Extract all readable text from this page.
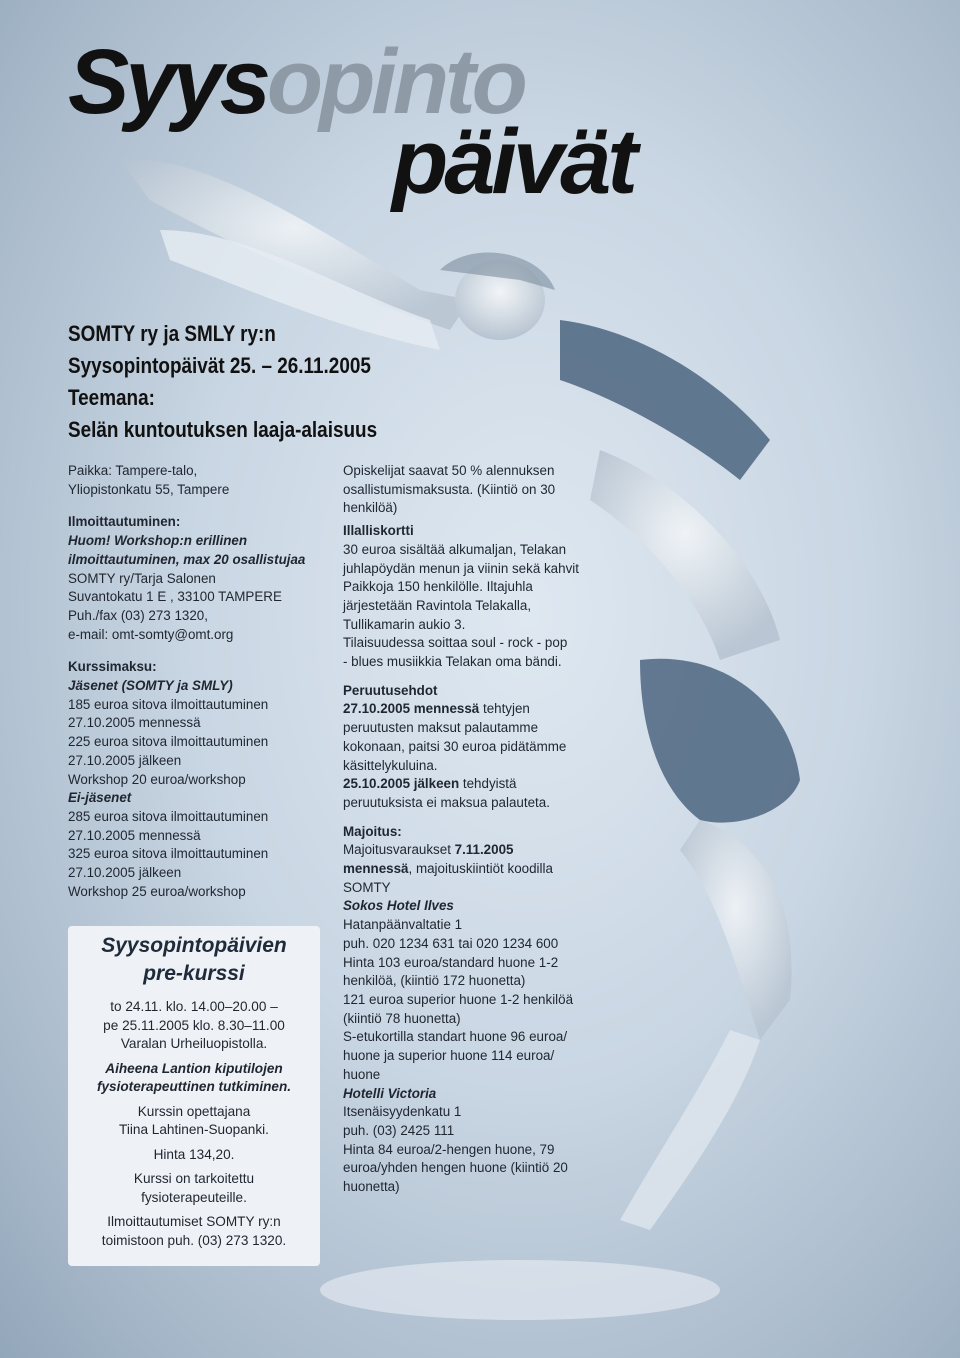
Syysopinto
päivät
SOMTY ry ja SMLY ry:n
Syysopintopäivät 25. – 26.11.2005
Teemana:
Selän kuntoutuksen laaja-alaisuus
Paikka: Tampere-talo,
Yliopistonkatu 55, Tampere
Ilmoittautuminen:
Huom! Workshop:n erillinen
ilmoittautuminen, max 20 osallistujaa
SOMTY ry/Tarja Salonen
Suvantokatu 1 E , 33100 TAMPERE
Puh./fax (03) 273 1320,
e-mail: omt-somty@omt.org
Kurssimaksu:
Jäsenet (SOMTY ja SMLY)
185 euroa sitova ilmoittautuminen
27.10.2005 mennessä
225 euroa sitova ilmoittautuminen
27.10.2005 jälkeen
Workshop 20 euroa/workshop
Ei-jäsenet
285 euroa sitova ilmoittautuminen
27.10.2005 mennessä
325 euroa sitova ilmoittautuminen
27.10.2005 jälkeen
Workshop 25 euroa/workshop
Opiskelijat saavat 50 % alennuksen
osallistumismaksusta. (Kiintiö on 30
henkilöä)
Illalliskortti
30 euroa sisältää alkumaljan, Telakan
juhlapöydän menun ja viinin sekä kahvit
Paikkoja 150 henkilölle. Iltajuhla
järjestetään Ravintola Telakalla,
Tullikamarin aukio 3.
Tilaisuudessa soittaa soul - rock - pop
- blues musiikkia Telakan oma bändi.
Peruutusehdot
27.10.2005 mennessä tehtyjen
peruutusten maksut palautamme
kokonaan, paitsi 30 euroa pidätämme
käsittelykuluina.
25.10.2005 jälkeen tehdyistä
peruutuksista ei maksua palauteta.
Majoitus:
Majoitusvaraukset 7.11.2005
mennessä, majoituskiintiöt koodilla
SOMTY
Sokos Hotel Ilves
Hatanpäänvaltatie 1
puh. 020 1234 631 tai 020 1234 600
Hinta 103 euroa/standard huone 1-2
henkilöä, (kiintiö 172 huonetta)
121 euroa superior huone 1-2 henkilöä
(kiintiö 78 huonetta)
S-etukortilla standart huone 96 euroa/
huone ja superior huone 114 euroa/
huone
Hotelli Victoria
Itsenäisyydenkatu 1
puh. (03) 2425 111
Hinta 84 euroa/2-hengen huone, 79
euroa/yhden hengen huone (kiintiö 20
huonetta)
Syysopintopäivien
pre-kurssi
to 24.11. klo. 14.00–20.00 –
pe 25.11.2005 klo. 8.30–11.00
Varalan Urheiluopistolla.
Aiheena Lantion kiputilojen
fysioterapeuttinen tutkiminen.
Kurssin opettajana
Tiina Lahtinen-Suopanki.
Hinta 134,20.
Kurssi on tarkoitettu
fysioterapeuteille.
Ilmoittautumiset SOMTY ry:n
toimistoon puh. (03) 273 1320.
